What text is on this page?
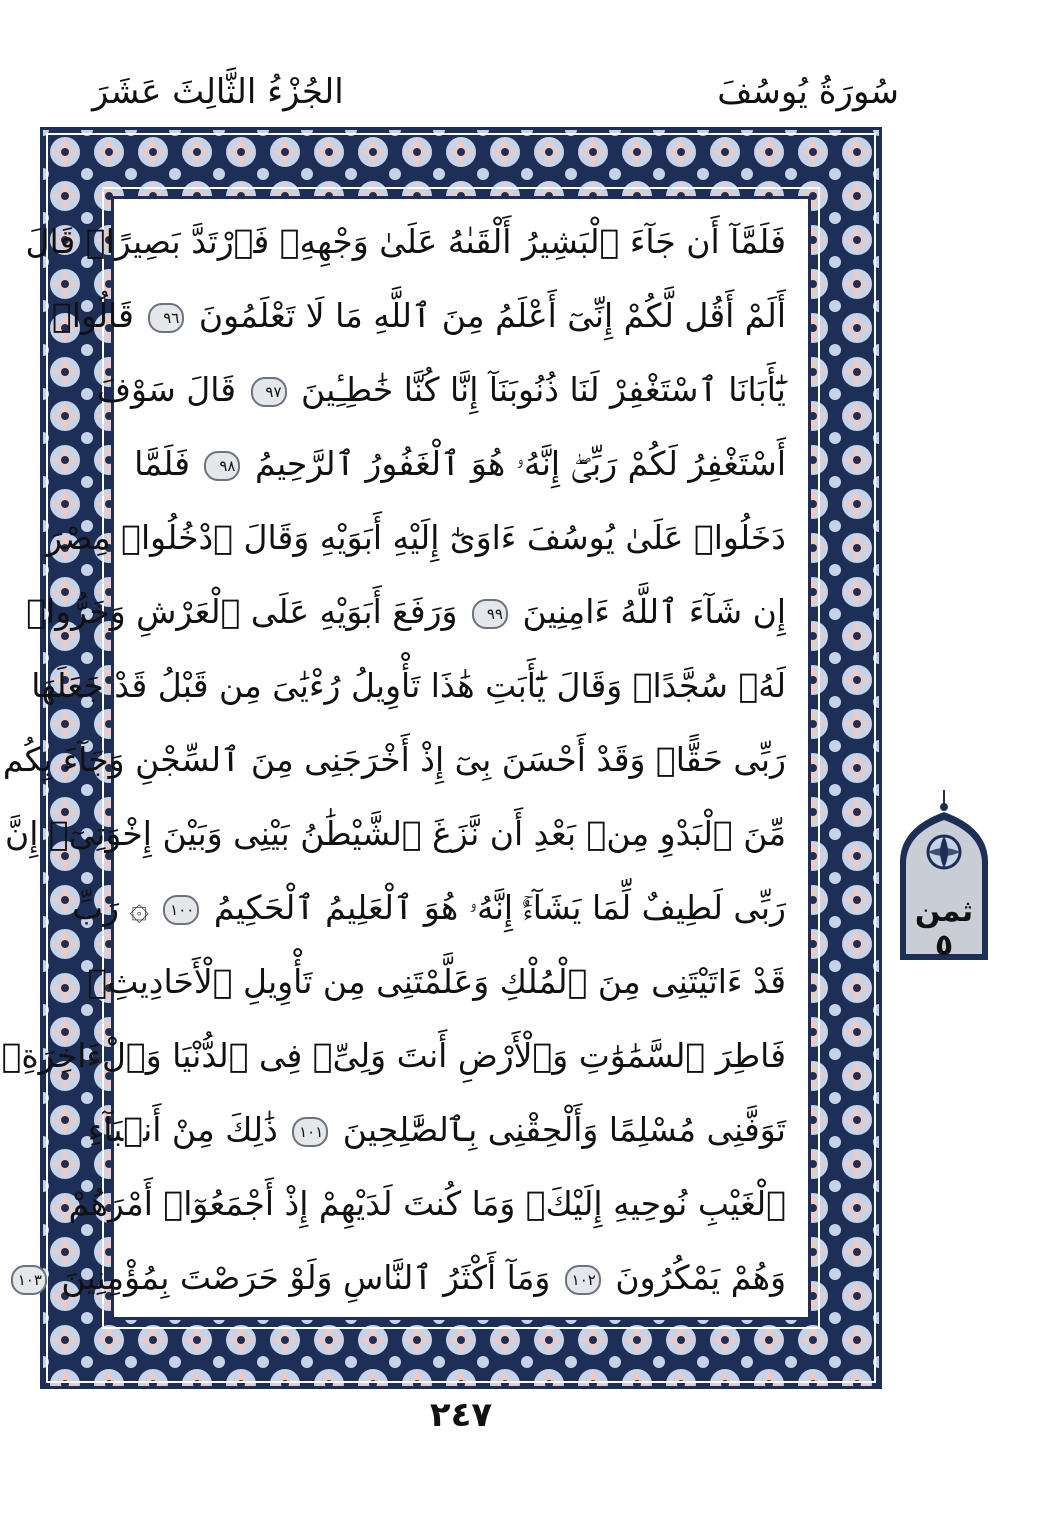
الجُزْءُ الثَّالِثَ عَشَرَ	سُورَةُ يُوسُفَ
فَلَمَّآ أَن جَآءَ ٱلْبَشِيرُ أَلْقَىٰهُ عَلَىٰ وَجْهِهِۦ فَٱرْتَدَّ بَصِيرًاۖ قَالَ
أَلَمْ أَقُل لَّكُمْ إِنِّىٓ أَعْلَمُ مِنَ ٱللَّهِ مَا لَا تَعْلَمُونَ ٩٦ قَالُوا۟
يَٰٓأَبَانَا ٱسْتَغْفِرْ لَنَا ذُنُوبَنَآ إِنَّا كُنَّا خَٰطِـِٔينَ ٩٧ قَالَ سَوْفَ
أَسْتَغْفِرُ لَكُمْ رَبِّىٓۖ إِنَّهُۥ هُوَ ٱلْغَفُورُ ٱلرَّحِيمُ ٩٨ فَلَمَّا
دَخَلُوا۟ عَلَىٰ يُوسُفَ ءَاوَىٰٓ إِلَيْهِ أَبَوَيْهِ وَقَالَ ٱدْخُلُوا۟ مِصْرَ
إِن شَآءَ ٱللَّهُ ءَامِنِينَ ٩٩ وَرَفَعَ أَبَوَيْهِ عَلَى ٱلْعَرْشِ وَخَرُّوا۟
لَهُۥ سُجَّدًاۖ وَقَالَ يَٰٓأَبَتِ هَٰذَا تَأْوِيلُ رُءْيَٰىَ مِن قَبْلُ قَدْ جَعَلَهَا
رَبِّى حَقًّاۖ وَقَدْ أَحْسَنَ بِىٓ إِذْ أَخْرَجَنِى مِنَ ٱلسِّجْنِ وَجَآءَ بِكُم
مِّنَ ٱلْبَدْوِ مِنۢ بَعْدِ أَن نَّزَغَ ٱلشَّيْطَٰنُ بَيْنِى وَبَيْنَ إِخْوَتِىٓۚ إِنَّ
رَبِّى لَطِيفٌ لِّمَا يَشَآءُۚ إِنَّهُۥ هُوَ ٱلْعَلِيمُ ٱلْحَكِيمُ ١٠٠ ۞ رَبِّ
قَدْ ءَاتَيْتَنِى مِنَ ٱلْمُلْكِ وَعَلَّمْتَنِى مِن تَأْوِيلِ ٱلْأَحَادِيثِۚ
فَاطِرَ ٱلسَّمَٰوَٰتِ وَٱلْأَرْضِ أَنتَ وَلِىِّۦ فِى ٱلدُّنْيَا وَٱلْءَاخِرَةِۖ
تَوَفَّنِى مُسْلِمًا وَأَلْحِقْنِى بِٱلصَّٰلِحِينَ ١٠١ ذَٰلِكَ مِنْ أَنۢبَآءِ
ٱلْغَيْبِ نُوحِيهِ إِلَيْكَۖ وَمَا كُنتَ لَدَيْهِمْ إِذْ أَجْمَعُوٓا۟ أَمْرَهُمْ
وَهُمْ يَمْكُرُونَ ١٠٢ وَمَآ أَكْثَرُ ٱلنَّاسِ وَلَوْ حَرَصْتَ بِمُؤْمِنِينَ ١٠٣
ثمن
٥
٢٤٧
